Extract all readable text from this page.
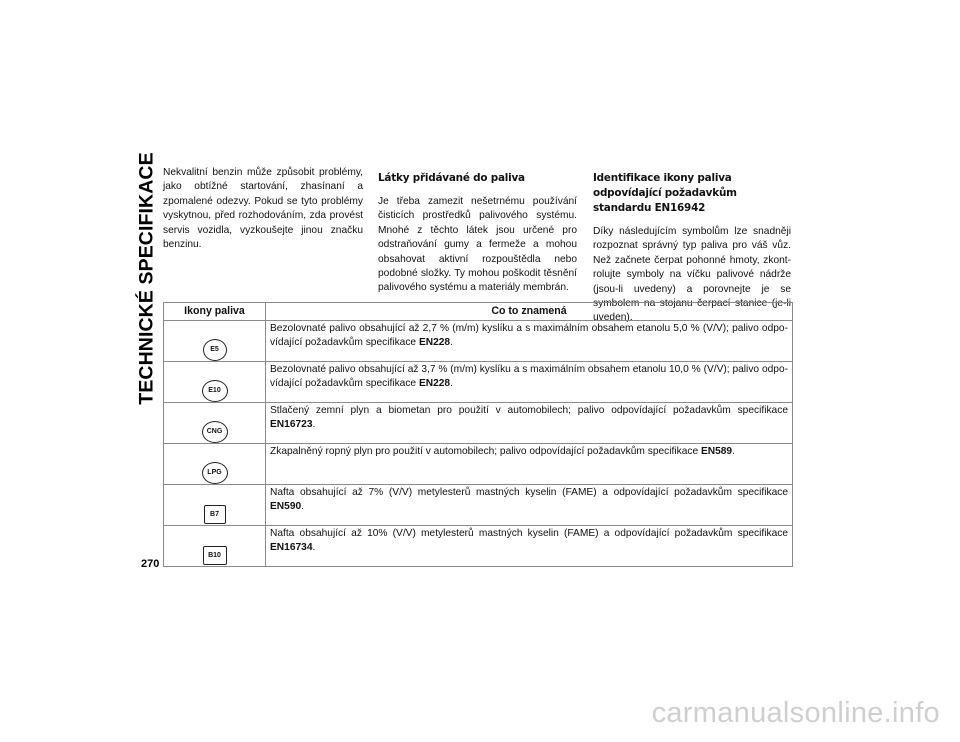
TECHNICKÉ SPECIFIKACE
270

Nekvalitní benzin může způsobit problémy, jako obtížné startování, zhasínaní a zpomalené odezvy. Pokud se tyto problémy vyskytnou, před rozhodováním, zda provést servis vozidla, vyzkoušejte jinou značku benzinu.

Látky přidávané do paliva

Je třeba zamezit nešetrnému používání čisticích prostředků palivového systému. Mnohé z těchto látek jsou určené pro odstraňování gumy a fermeže a mohou obsahovat aktivní rozpouštědla nebo podobné složky. Ty mohou poškodit těsnění palivového systému a materiály membrán.

Identifikace ikony paliva odpovídající požadavkům standardu EN16942

Díky následujícím symbolům lze snadněji rozpoznat správný typ paliva pro váš vůz. Než začnete čerpat pohonné hmoty, zkont-rolujte symboly na víčku palivové nádrže (jsou-li uvedeny) a porovnejte je se symbolem na stojanu čerpací stanice (je-li uveden).

Ikony paliva	Co to znamená
E5	Bezolovnaté palivo obsahující až 2,7 % (m/m) kyslíku a s maximálním obsahem etanolu 5,0 % (V/V); palivo odpo-vídající požadavkům specifikace EN228.
E10	Bezolovnaté palivo obsahující až 3,7 % (m/m) kyslíku a s maximálním obsahem etanolu 10,0 % (V/V); palivo odpo-vídající požadavkům specifikace EN228.
CNG	Stlačený zemní plyn a biometan pro použití v automobilech; palivo odpovídající požadavkům specifikace EN16723.
LPG	Zkapalněný ropný plyn pro použití v automobilech; palivo odpovídající požadavkům specifikace EN589.
B7	Nafta obsahující až 7% (V/V) metylesterů mastných kyselin (FAME) a odpovídající požadavkům specifikace EN590.
B10	Nafta obsahující až 10% (V/V) metylesterů mastných kyselin (FAME) a odpovídající požadavkům specifikace EN16734.
carmanualsonline.info
